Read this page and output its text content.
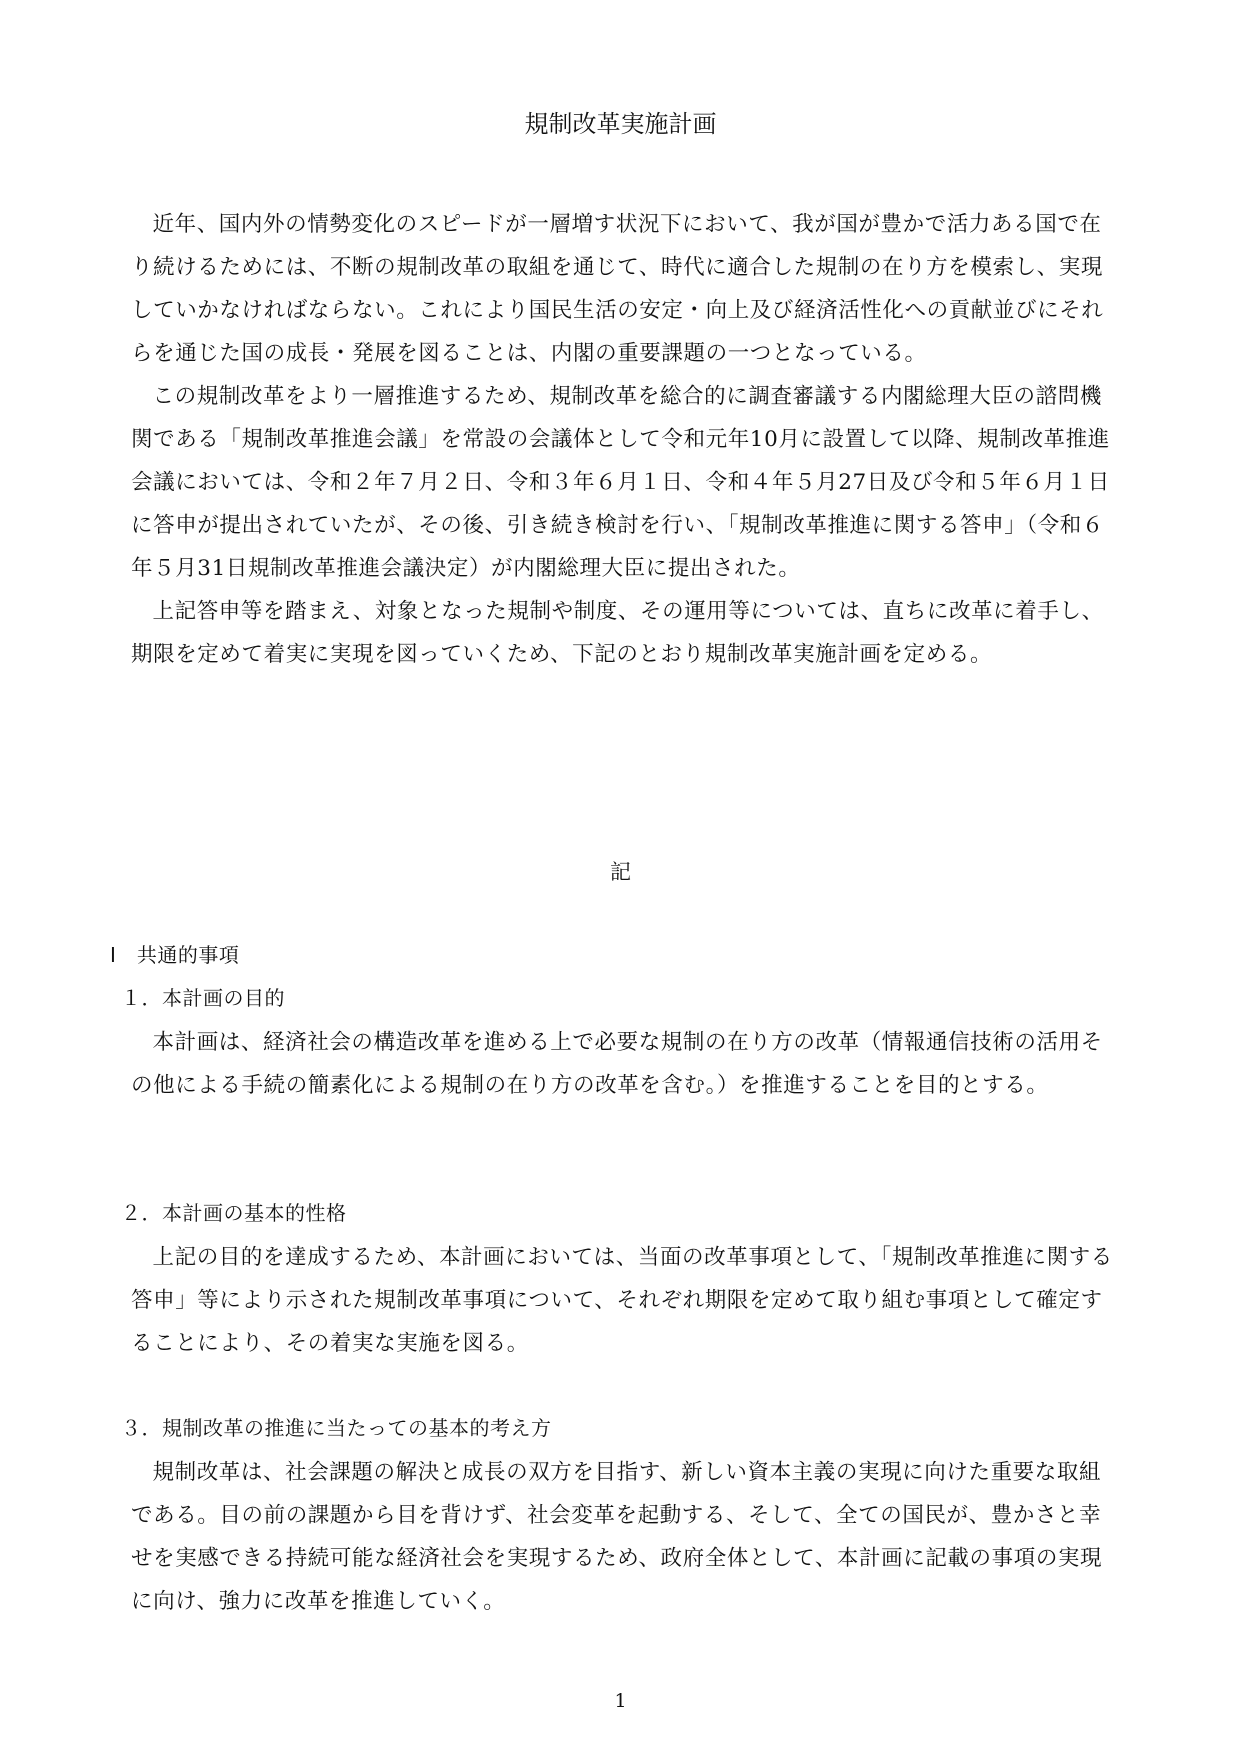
規制改革実施計画

近年、国内外の情勢変化のスピードが一層増す状況下において、我が国が豊かで活力ある国で在り続けるためには、不断の規制改革の取組を通じて、時代に適合した規制の在り方を模索し、実現していかなければならない。これにより国民生活の安定・向上及び経済活性化への貢献並びにそれらを通じた国の成長・発展を図ることは、内閣の重要課題の一つとなっている。

この規制改革をより一層推進するため、規制改革を総合的に調査審議する内閣総理大臣の諮問機関である「規制改革推進会議」を常設の会議体として令和元年10月に設置して以降、規制改革推進会議においては、令和２年７月２日、令和３年６月１日、令和４年５月27日及び令和５年６月１日に答申が提出されていたが、その後、引き続き検討を行い、「規制改革推進に関する答申」（令和６年５月31日規制改革推進会議決定）が内閣総理大臣に提出された。

上記答申等を踏まえ、対象となった規制や制度、その運用等については、直ちに改革に着手し、期限を定めて着実に実現を図っていくため、下記のとおり規制改革実施計画を定める。

記
Ⅰ　共通的事項
１．本計画の目的

本計画は、経済社会の構造改革を進める上で必要な規制の在り方の改革（情報通信技術の活用その他による手続の簡素化による規制の在り方の改革を含む。）を推進することを目的とする。

２．本計画の基本的性格

上記の目的を達成するため、本計画においては、当面の改革事項として、「規制改革推進に関する答申」等により示された規制改革事項について、それぞれ期限を定めて取り組む事項として確定することにより、その着実な実施を図る。

３．規制改革の推進に当たっての基本的考え方

規制改革は、社会課題の解決と成長の双方を目指す、新しい資本主義の実現に向けた重要な取組である。目の前の課題から目を背けず、社会変革を起動する、そして、全ての国民が、豊かさと幸せを実感できる持続可能な経済社会を実現するため、政府全体として、本計画に記載の事項の実現に向け、強力に改革を推進していく。

1
